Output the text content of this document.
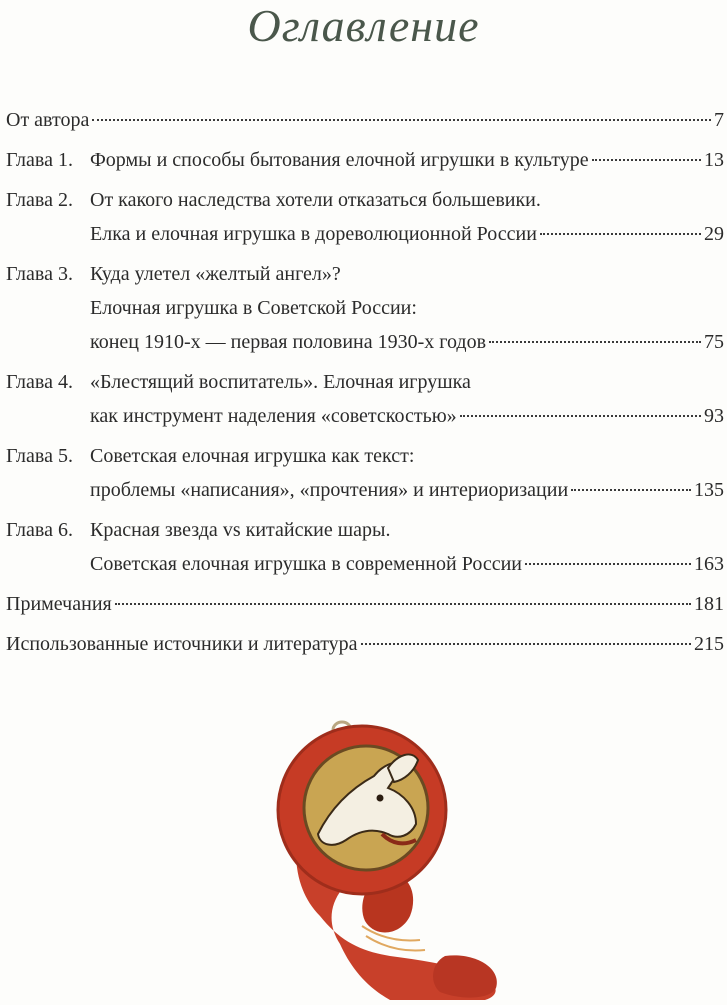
Оглавление
От автора	7
Глава 1. Формы и способы бытования елочной игрушки в культуре	13
Глава 2. От какого наследства хотели отказаться большевики.
Елка и елочная игрушка в дореволюционной России	29
Глава 3. Куда улетел «желтый ангел»?
Елочная игрушка в Советской России:
конец 1910-х — первая половина 1930-х годов	75
Глава 4. «Блестящий воспитатель». Елочная игрушка
как инструмент наделения «советскостью»	93
Глава 5. Советская елочная игрушка как текст:
проблемы «написания», «прочтения» и интериоризации	135
Глава 6. Красная звезда vs китайские шары.
Советская елочная игрушка в современной России	163
Примечания	181
Использованные источники и литература	215
